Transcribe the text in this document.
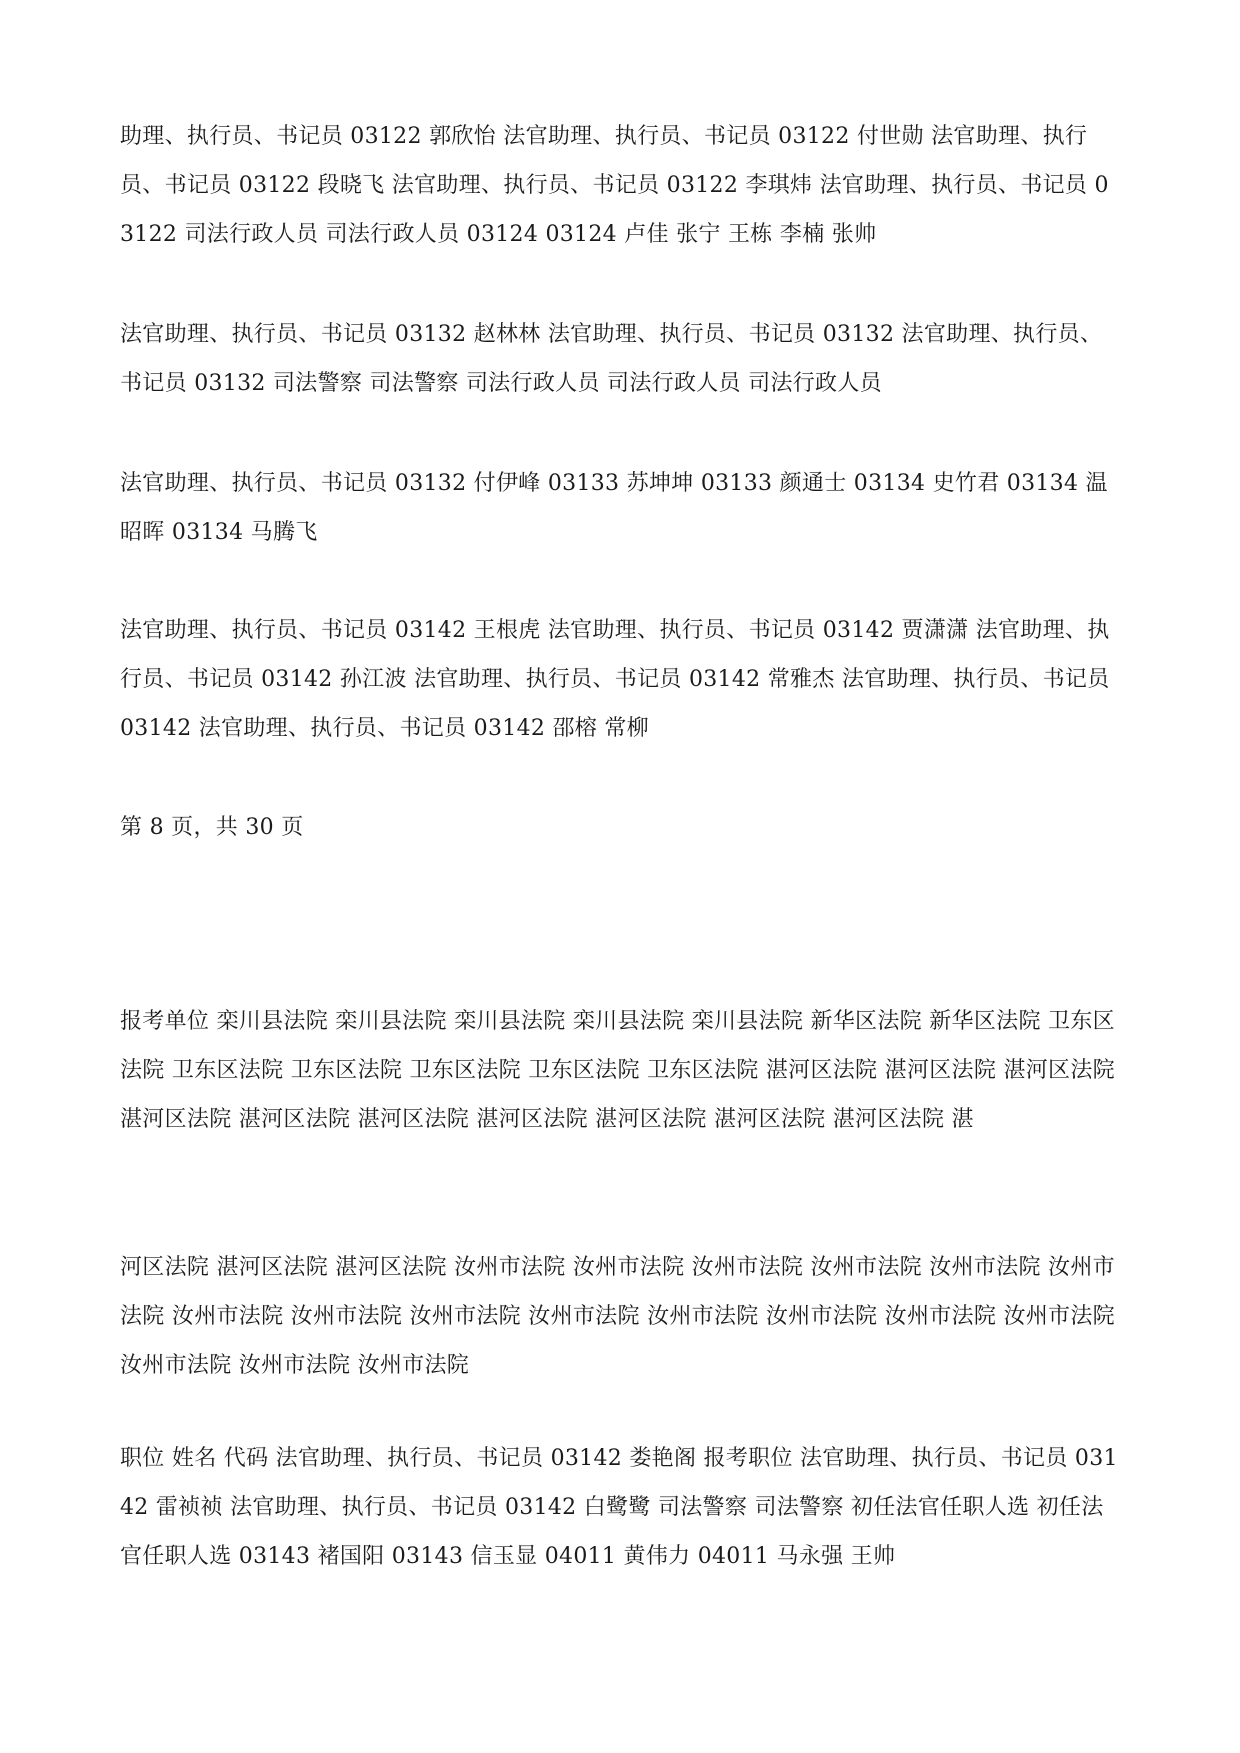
助理、执行员、书记员 03122 郭欣怡 法官助理、执行员、书记员 03122 付世勋 法官助理、执行员、书记员 03122 段晓飞 法官助理、执行员、书记员 03122 李琪炜 法官助理、执行员、书记员 03122 司法行政人员 司法行政人员 03124 03124 卢佳 张宁 王栋 李楠 张帅

法官助理、执行员、书记员 03132 赵林林 法官助理、执行员、书记员 03132 法官助理、执行员、书记员 03132 司法警察 司法警察 司法行政人员 司法行政人员 司法行政人员

法官助理、执行员、书记员 03132 付伊峰 03133 苏坤坤 03133 颜通士 03134 史竹君 03134 温昭晖 03134 马腾飞

法官助理、执行员、书记员 03142 王根虎 法官助理、执行员、书记员 03142 贾潇潇 法官助理、执行员、书记员 03142 孙江波 法官助理、执行员、书记员 03142 常雅杰 法官助理、执行员、书记员 03142 法官助理、执行员、书记员 03142 邵榕 常柳

第 8 页，共 30 页

报考单位 栾川县法院 栾川县法院 栾川县法院 栾川县法院 栾川县法院 新华区法院 新华区法院 卫东区法院 卫东区法院 卫东区法院 卫东区法院 卫东区法院 卫东区法院 湛河区法院 湛河区法院 湛河区法院 湛河区法院 湛河区法院 湛河区法院 湛河区法院 湛河区法院 湛河区法院 湛河区法院 湛

河区法院 湛河区法院 湛河区法院 汝州市法院 汝州市法院 汝州市法院 汝州市法院 汝州市法院 汝州市法院 汝州市法院 汝州市法院 汝州市法院 汝州市法院 汝州市法院 汝州市法院 汝州市法院 汝州市法院 汝州市法院 汝州市法院 汝州市法院

职位 姓名 代码 法官助理、执行员、书记员 03142 娄艳阁 报考职位 法官助理、执行员、书记员 03142 雷祯祯 法官助理、执行员、书记员 03142 白鹭鹭 司法警察 司法警察 初任法官任职人选 初任法官任职人选 03143 褚国阳 03143 信玉显 04011 黄伟力 04011 马永强 王帅
